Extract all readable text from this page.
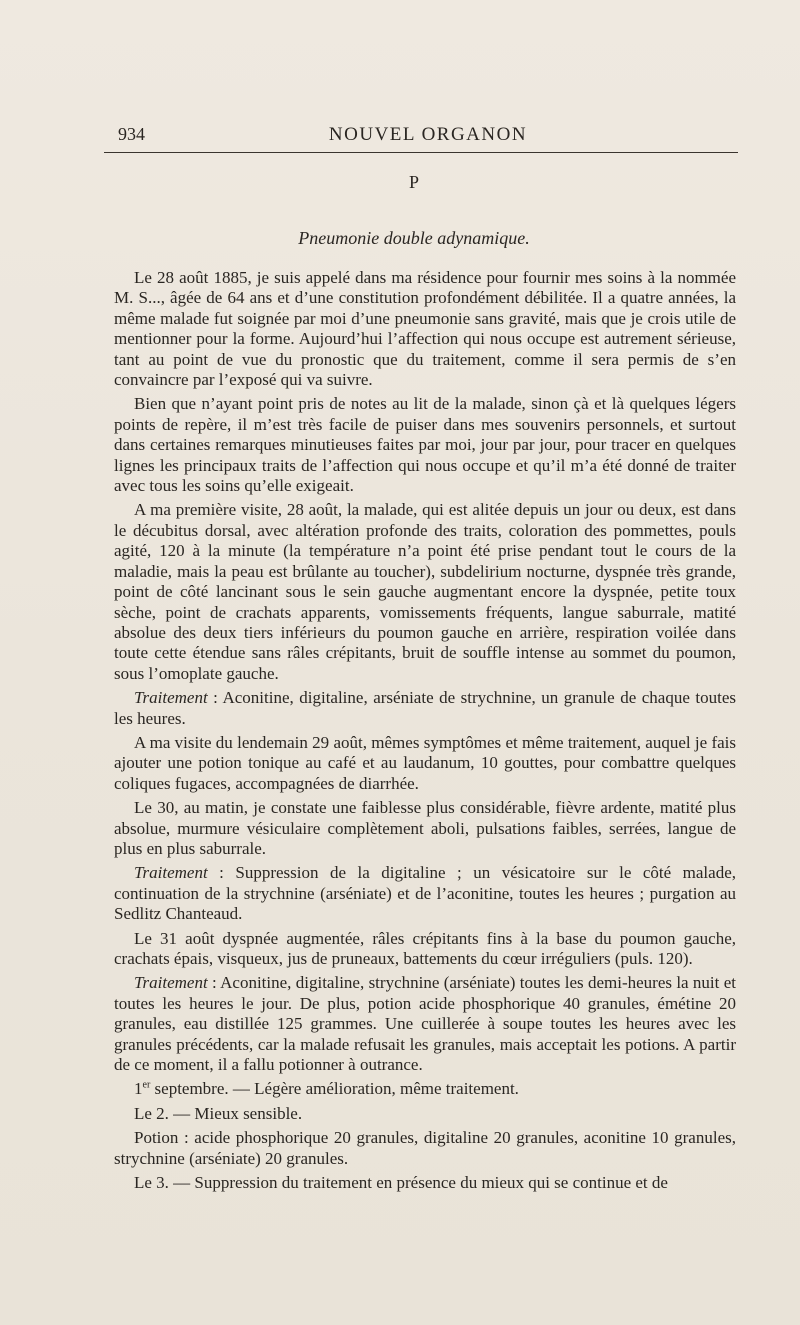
934	NOUVEL ORGANON
P
Pneumonie double adynamique.

Le 28 août 1885, je suis appelé dans ma résidence pour fournir mes soins à la nommée M. S..., âgée de 64 ans et d’une constitution profondément débilitée. Il a quatre années, la même malade fut soignée par moi d’une pneumonie sans gravité, mais que je crois utile de mentionner pour la forme. Aujourd’hui l’affection qui nous occupe est autrement sérieuse, tant au point de vue du pronostic que du traitement, comme il sera permis de s’en convaincre par l’exposé qui va suivre.

Bien que n’ayant point pris de notes au lit de la malade, sinon çà et là quelques légers points de repère, il m’est très facile de puiser dans mes souvenirs personnels, et surtout dans certaines remarques minutieuses faites par moi, jour par jour, pour tracer en quelques lignes les principaux traits de l’affection qui nous occupe et qu’il m’a été donné de traiter avec tous les soins qu’elle exigeait.

A ma première visite, 28 août, la malade, qui est alitée depuis un jour ou deux, est dans le décubitus dorsal, avec altération profonde des traits, coloration des pommettes, pouls agité, 120 à la minute (la température n’a point été prise pendant tout le cours de la maladie, mais la peau est brûlante au toucher), subdelirium nocturne, dyspnée très grande, point de côté lancinant sous le sein gauche augmentant encore la dyspnée, petite toux sèche, point de crachats apparents, vomissements fréquents, langue saburrale, matité absolue des deux tiers inférieurs du poumon gauche en arrière, respiration voilée dans toute cette étendue sans râles crépitants, bruit de souffle intense au sommet du poumon, sous l’omoplate gauche.

Traitement : Aconitine, digitaline, arséniate de strychnine, un granule de chaque toutes les heures.

A ma visite du lendemain 29 août, mêmes symptômes et même traitement, auquel je fais ajouter une potion tonique au café et au laudanum, 10 gouttes, pour combattre quelques coliques fugaces, accompagnées de diarrhée.

Le 30, au matin, je constate une faiblesse plus considérable, fièvre ardente, matité plus absolue, murmure vésiculaire complètement aboli, pulsations faibles, serrées, langue de plus en plus saburrale.

Traitement : Suppression de la digitaline ; un vésicatoire sur le côté malade, continuation de la strychnine (arséniate) et de l’aconitine, toutes les heures ; purgation au Sedlitz Chanteaud.

Le 31 août dyspnée augmentée, râles crépitants fins à la base du poumon gauche, crachats épais, visqueux, jus de pruneaux, battements du cœur irréguliers (puls. 120).

Traitement : Aconitine, digitaline, strychnine (arséniate) toutes les demi-heures la nuit et toutes les heures le jour. De plus, potion acide phosphorique 40 granules, émétine 20 granules, eau distillée 125 grammes. Une cuillerée à soupe toutes les heures avec les granules précédents, car la malade refusait les granules, mais acceptait les potions. A partir de ce moment, il a fallu potionner à outrance.

1er septembre. — Légère amélioration, même traitement.

Le 2. — Mieux sensible.

Potion : acide phosphorique 20 granules, digitaline 20 granules, aconitine 10 granules, strychnine (arséniate) 20 granules.

Le 3. — Suppression du traitement en présence du mieux qui se continue et de
